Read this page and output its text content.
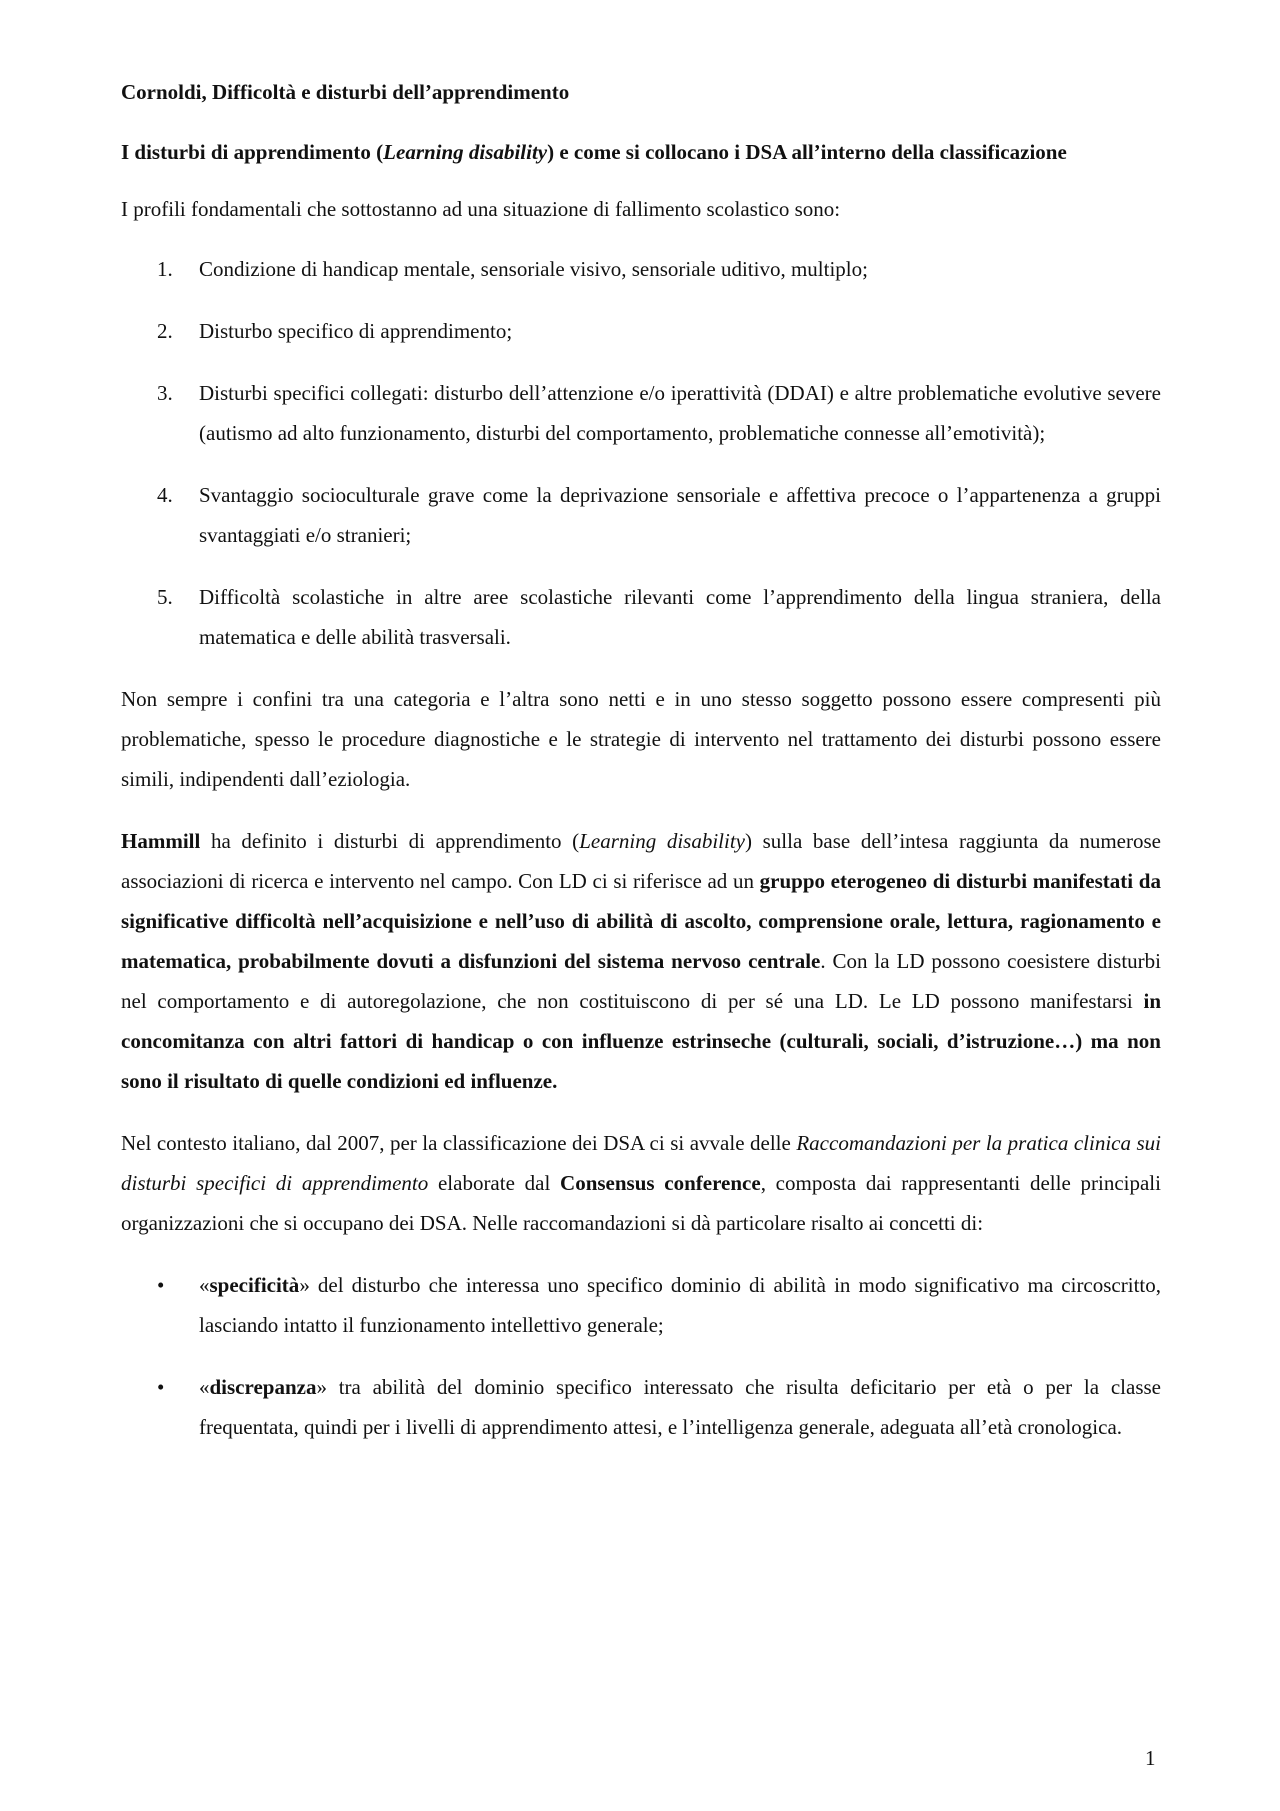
Cornoldi, Difficoltà e disturbi dell’apprendimento

I disturbi di apprendimento (Learning disability) e come si collocano i DSA all’interno della classificazione

I profili fondamentali che sottostanno ad una situazione di fallimento scolastico sono:

1. Condizione di handicap mentale, sensoriale visivo, sensoriale uditivo, multiplo;
2. Disturbo specifico di apprendimento;
3. Disturbi specifici collegati: disturbo dell’attenzione e/o iperattività (DDAI) e altre problematiche evolutive severe (autismo ad alto funzionamento, disturbi del comportamento, problematiche connesse all’emotività);
4. Svantaggio socioculturale grave come la deprivazione sensoriale e affettiva precoce o l’appartenenza a gruppi svantaggiati e/o stranieri;
5. Difficoltà scolastiche in altre aree scolastiche rilevanti come l’apprendimento della lingua straniera, della matematica e delle abilità trasversali.

Non sempre i confini tra una categoria e l’altra sono netti e in uno stesso soggetto possono essere compresenti più problematiche, spesso le procedure diagnostiche e le strategie di intervento nel trattamento dei disturbi possono essere simili, indipendenti dall’eziologia.

Hammill ha definito i disturbi di apprendimento (Learning disability) sulla base dell’intesa raggiunta da numerose associazioni di ricerca e intervento nel campo. Con LD ci si riferisce ad un gruppo eterogeneo di disturbi manifestati da significative difficoltà nell’acquisizione e nell’uso di abilità di ascolto, comprensione orale, lettura, ragionamento e matematica, probabilmente dovuti a disfunzioni del sistema nervoso centrale. Con la LD possono coesistere disturbi nel comportamento e di autoregolazione, che non costituiscono di per sé una LD. Le LD possono manifestarsi in concomitanza con altri fattori di handicap o con influenze estrinseche (culturali, sociali, d’istruzione…) ma non sono il risultato di quelle condizioni ed influenze.

Nel contesto italiano, dal 2007, per la classificazione dei DSA ci si avvale delle Raccomandazioni per la pratica clinica sui disturbi specifici di apprendimento elaborate dal Consensus conference, composta dai rappresentanti delle principali organizzazioni che si occupano dei DSA. Nelle raccomandazioni si dà particolare risalto ai concetti di:

• «specificità» del disturbo che interessa uno specifico dominio di abilità in modo significativo ma circoscritto, lasciando intatto il funzionamento intellettivo generale;
• «discrepanza» tra abilità del dominio specifico interessato che risulta deficitario per età o per la classe frequentata, quindi per i livelli di apprendimento attesi, e l’intelligenza generale, adeguata all’età cronologica.
1
